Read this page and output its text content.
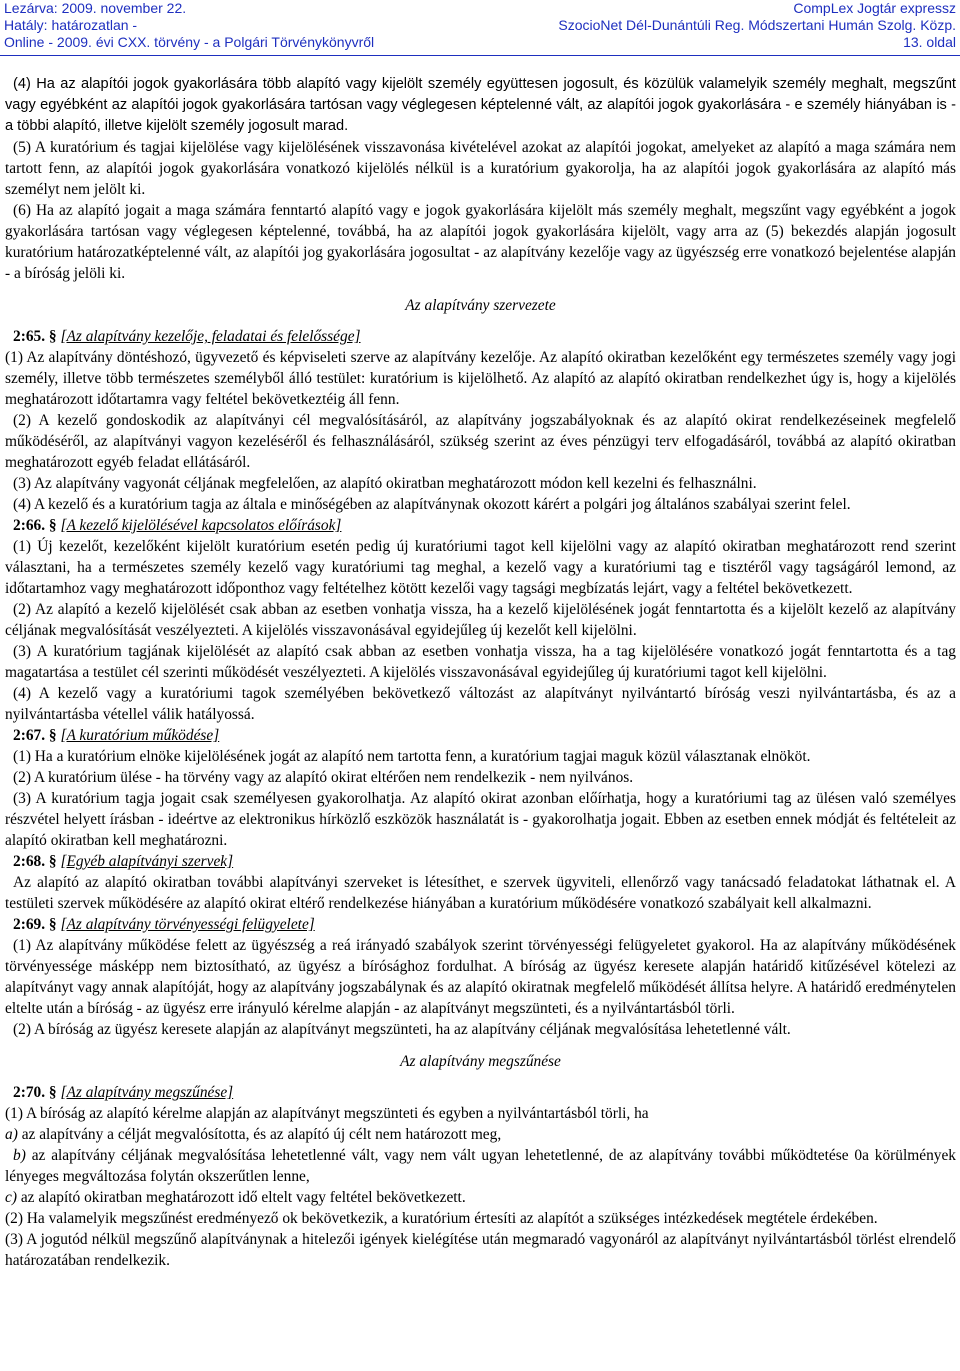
Lezárva: 2009. november 22.
Hatály: határozatlan -
Online - 2009. évi CXX. törvény - a Polgári Törvénykönyvről
CompLex Jogtár expressz
SzocioNet Dél-Dunántúli Reg. Módszertani Humán Szolg. Közp.
13. oldal

(4) Ha az alapítói jogok gyakorlására több alapító vagy kijelölt személy együttesen jogosult, és közülük valamelyik személy meghalt, megszűnt vagy egyébként az alapítói jogok gyakorlására tartósan vagy véglegesen képtelenné vált, az alapítói jogok gyakorlására - e személy hiányában is - a többi alapító, illetve kijelölt személy jogosult marad.

(5) A kuratórium és tagjai kijelölése vagy kijelölésének visszavonása kivételével azokat az alapítói jogokat, amelyeket az alapító a maga számára nem tartott fenn, az alapítói jogok gyakorlására vonatkozó kijelölés nélkül is a kuratórium gyakorolja, ha az alapítói jogok gyakorlására az alapító más személyt nem jelölt ki.

(6) Ha az alapító jogait a maga számára fenntartó alapító vagy e jogok gyakorlására kijelölt más személy meghalt, megszűnt vagy egyébként a jogok gyakorlására tartósan vagy véglegesen képtelenné, továbbá, ha az alapítói jogok gyakorlására kijelölt, vagy arra az (5) bekezdés alapján jogosult kuratórium határozatképtelenné vált, az alapítói jog gyakorlására jogosultat - az alapítvány kezelője vagy az ügyészség erre vonatkozó bejelentése alapján - a bíróság jelöli ki.

Az alapítvány szervezete

2:65. § [Az alapítvány kezelője, feladatai és felelőssége]

(1) Az alapítvány döntéshozó, ügyvezető és képviseleti szerve az alapítvány kezelője. Az alapító okiratban kezelőként egy természetes személy vagy jogi személy, illetve több természetes személyből álló testület: kuratórium is kijelölhető. Az alapító az alapító okiratban rendelkezhet úgy is, hogy a kijelölés meghatározott időtartamra vagy feltétel bekövetkeztéig áll fenn.

(2) A kezelő gondoskodik az alapítványi cél megvalósításáról, az alapítvány jogszabályoknak és az alapító okirat rendelkezéseinek megfelelő működéséről, az alapítványi vagyon kezeléséről és felhasználásáról, szükség szerint az éves pénzügyi terv elfogadásáról, továbbá az alapító okiratban meghatározott egyéb feladat ellátásáról.

(3) Az alapítvány vagyonát céljának megfelelően, az alapító okiratban meghatározott módon kell kezelni és felhasználni.

(4) A kezelő és a kuratórium tagja az általa e minőségében az alapítványnak okozott kárért a polgári jog általános szabályai szerint felel.

2:66. § [A kezelő kijelölésével kapcsolatos előírások]

(1) Új kezelőt, kezelőként kijelölt kuratórium esetén pedig új kuratóriumi tagot kell kijelölni vagy az alapító okiratban meghatározott rend szerint választani, ha a természetes személy kezelő vagy kuratóriumi tag meghal, a kezelő vagy a kuratóriumi tag e tisztéről vagy tagságáról lemond, az időtartamhoz vagy meghatározott időponthoz vagy feltételhez kötött kezelői vagy tagsági megbízatás lejárt, vagy a feltétel bekövetkezett.

(2) Az alapító a kezelő kijelölését csak abban az esetben vonhatja vissza, ha a kezelő kijelölésének jogát fenntartotta és a kijelölt kezelő az alapítvány céljának megvalósítását veszélyezteti. A kijelölés visszavonásával egyidejűleg új kezelőt kell kijelölni.

(3) A kuratórium tagjának kijelölését az alapító csak abban az esetben vonhatja vissza, ha a tag kijelölésére vonatkozó jogát fenntartotta és a tag magatartása a testület cél szerinti működését veszélyezteti. A kijelölés visszavonásával egyidejűleg új kuratóriumi tagot kell kijelölni.

(4) A kezelő vagy a kuratóriumi tagok személyében bekövetkező változást az alapítványt nyilvántartó bíróság veszi nyilvántartásba, és az a nyilvántartásba vétellel válik hatályossá.

2:67. § [A kuratórium működése]

(1) Ha a kuratórium elnöke kijelölésének jogát az alapító nem tartotta fenn, a kuratórium tagjai maguk közül választanak elnököt.

(2) A kuratórium ülése - ha törvény vagy az alapító okirat eltérően nem rendelkezik - nem nyilvános.

(3) A kuratórium tagja jogait csak személyesen gyakorolhatja. Az alapító okirat azonban előírhatja, hogy a kuratóriumi tag az ülésen való személyes részvétel helyett írásban - ideértve az elektronikus hírközlő eszközök használatát is - gyakorolhatja jogait. Ebben az esetben ennek módját és feltételeit az alapító okiratban kell meghatározni.

2:68. § [Egyéb alapítványi szervek]

Az alapító az alapító okiratban további alapítványi szerveket is létesíthet, e szervek ügyviteli, ellenőrző vagy tanácsadó feladatokat láthatnak el. A testületi szervek működésére az alapító okirat eltérő rendelkezése hiányában a kuratórium működésére vonatkozó szabályait kell alkalmazni.

2:69. § [Az alapítvány törvényességi felügyelete]

(1) Az alapítvány működése felett az ügyészség a reá irányadó szabályok szerint törvényességi felügyeletet gyakorol. Ha az alapítvány működésének törvényessége másképp nem biztosítható, az ügyész a bírósághoz fordulhat. A bíróság az ügyész keresete alapján határidő kitűzésével kötelezi az alapítványt vagy annak alapítóját, hogy az alapítvány jogszabálynak és az alapító okiratnak megfelelő működését állítsa helyre. A határidő eredménytelen eltelte után a bíróság - az ügyész erre irányuló kérelme alapján - az alapítványt megszünteti, és a nyilvántartásból törli.

(2) A bíróság az ügyész keresete alapján az alapítványt megszünteti, ha az alapítvány céljának megvalósítása lehetetlenné vált.

Az alapítvány megszűnése

2:70. § [Az alapítvány megszűnése]

(1) A bíróság az alapító kérelme alapján az alapítványt megszünteti és egyben a nyilvántartásból törli, ha

a) az alapítvány a célját megvalósította, és az alapító új célt nem határozott meg,

b) az alapítvány céljának megvalósítása lehetetlenné vált, vagy nem vált ugyan lehetetlenné, de az alapítvány további működtetése 0a körülmények lényeges megváltozása folytán okszerűtlen lenne,

c) az alapító okiratban meghatározott idő eltelt vagy feltétel bekövetkezett.

(2) Ha valamelyik megszűnést eredményező ok bekövetkezik, a kuratórium értesíti az alapítót a szükséges intézkedések megtétele érdekében.

(3) A jogutód nélkül megszűnő alapítványnak a hitelezői igények kielégítése után megmaradó vagyonáról az alapítványt nyilvántartásból törlést elrendelő határozatában rendelkezik.
